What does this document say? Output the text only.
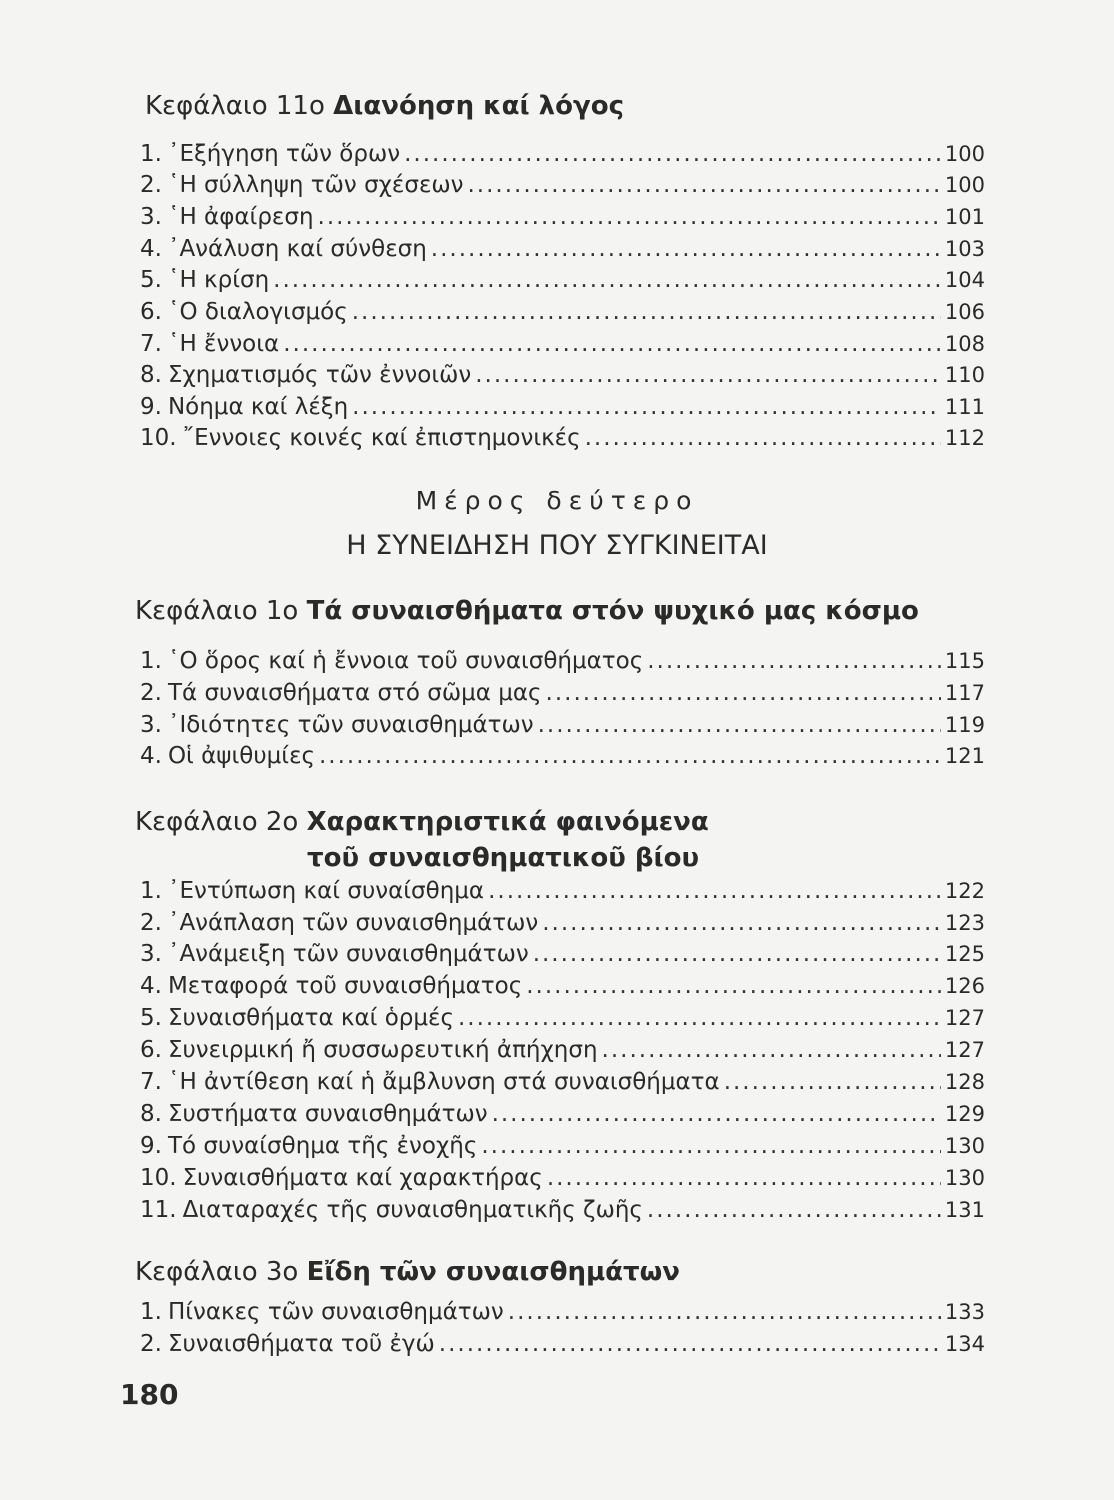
Κεφάλαιο 11ο Διανόηση καί λόγος
1. ᾿Εξήγηση τῶν ὅρων .....	100
2. ῾Η σύλληψη τῶν σχέσεων .....	100
3. ῾Η ἀφαίρεση .....	101
4. ᾿Ανάλυση καί σύνθεση .....	103
5. ῾Η κρίση .....	104
6. ῾Ο διαλογισμός .....	106
7. ῾Η ἔννοια .....	108
8. Σχηματισμός τῶν ἐννοιῶν .....	110
9. Νόημα καί λέξη .....	111
10. ῎Εννοιες κοινές καί ἐπιστημονικές .....	112
Μέρος δεύτερο
Η ΣΥΝΕΙΔΗΣΗ ΠΟΥ ΣΥΓΚΙΝΕΙΤΑΙ
Κεφάλαιο 1ο Τά συναισθήματα στόν ψυχικό μας κόσμο
1. ῾Ο ὅρος καί ἡ ἔννοια τοῦ συναισθήματος .....	115
2. Τά συναισθήματα στό σῶμα μας .....	117
3. ᾿Ιδιότητες τῶν συναισθημάτων .....	119
4. Οἱ ἀψιθυμίες .....	121
Κεφάλαιο 2ο Χαρακτηριστικά φαινόμενα
τοῦ συναισθηματικοῦ βίου
1. ᾿Εντύπωση καί συναίσθημα .....	122
2. ᾿Ανάπλαση τῶν συναισθημάτων .....	123
3. ᾿Ανάμειξη τῶν συναισθημάτων .....	125
4. Μεταφορά τοῦ συναισθήματος .....	126
5. Συναισθήματα καί ὁρμές .....	127
6. Συνειρμική ἤ συσσωρευτική ἀπήχηση .....	127
7. ῾Η ἀντίθεση καί ἡ ἄμβλυνση στά συναισθήματα .....	128
8. Συστήματα συναισθημάτων .....	129
9. Τό συναίσθημα τῆς ἐνοχῆς .....	130
10. Συναισθήματα καί χαρακτήρας .....	130
11. Διαταραχές τῆς συναισθηματικῆς ζωῆς .....	131
Κεφάλαιο 3ο Εἴδη τῶν συναισθημάτων
1. Πίνακες τῶν συναισθημάτων .....	133
2. Συναισθήματα τοῦ ἐγώ .....	134
180
